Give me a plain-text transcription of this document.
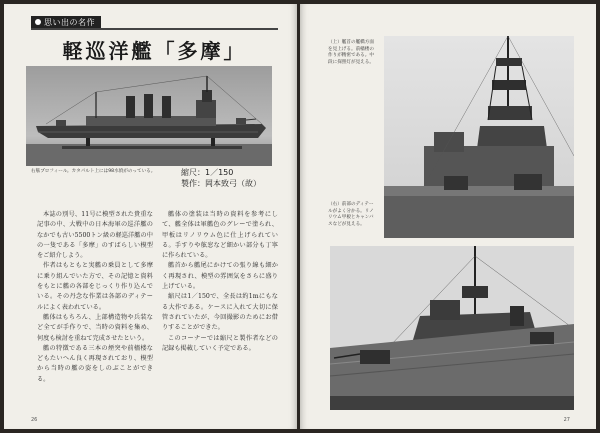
思い出の名作
軽巡洋艦「多摩」
右舷プロフィール。カタパルト上には98水偵がのっている。	縮尺：1／150
製作：岡本致弓（故）

本誌の別号、11号に模型された貴重な記事の中、大戦中の日本海軍の巡洋艦のなかでも古い5500トン級の軽巡洋艦の中の一隻である「多摩」のすばらしい模型をご紹介しよう。

作者はもともと実艦の乗員として多摩に乗り組んでいた方で、その記憶と資料をもとに艦の各部をじっくり作り込んでいる。その丹念な作業は各部のディテールによく表われている。

艦体はもちろん、上部構造物や兵装など全てが手作りで、当時の資料を集め、何度も検討を重ねて完成させたという。

艦の特徴である三本の煙突や前檣楼などもたいへん良く再現されており、模型から当時の艦の姿をしのぶことができる。

艦体の塗装は当時の資料を参考にして、艦全体は軍艦色のグレーで塗られ、甲板はリノリウム色に仕上げられている。手すりや舷窓など細かい部分も丁寧に作られている。

艦首から艦尾にかけての張り線も細かく再現され、模型の雰囲気をさらに盛り上げている。

縮尺は1／150で、全長は約1mにもなる大作である。ケースに入れて大切に保管されていたが、今回撮影のためにお借りすることができた。

このコーナーでは縮尺と製作者などの記録も掲載していく予定である。

26
（上）艦首の艦橋方面を見上げる。前檣楼の作りが精密である。中段に探照灯が見える。
（右）前部のディテールがよく分かる。リノリウム甲板とキャンバスなどが見える。
27
